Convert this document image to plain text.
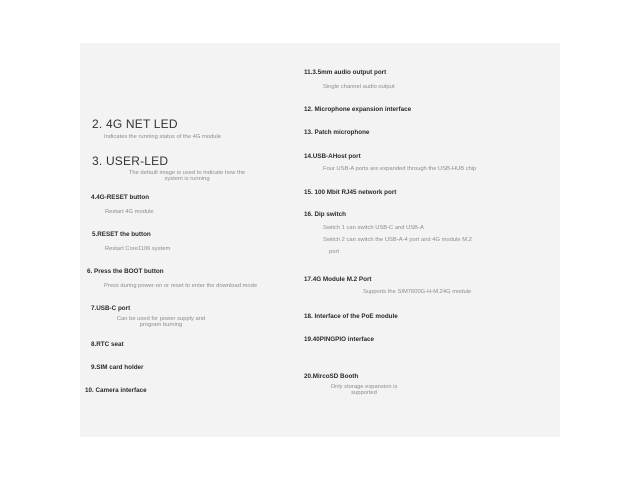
2. 4G NET LED
Indicates the running status of the 4G module
3. USER-LED
The default image is used to indicate how the
system is running
4.4G-RESET button
Restart 4G module
5.RESET the button
Restart Core1106 system
6. Press the BOOT button
Press during power-on or reset to enter the download mode
7.USB-C port
Can be used for power supply and
program burning
8.RTC seat
9.SIM card holder
10. Camera interface
11.3.5mm audio output port
Single channel audio output
12. Microphone expansion interface
13. Patch microphone
14.USB-AHost port
Four USB-A ports are expanded through the USB-HUB chip
15. 100 Mbit RJ45 network port
16. Dip switch
Switch 1 can switch USB-C and USB-A
Switch 2 can switch the USB-A-4 port and 4G module M.2
port
17.4G Module M.2 Port
Supports the SIM7600G-H-M.24G module
18. Interface of the PoE module
19.40PINGPIO interface
20.MircoSD Booth
Only storage expansion is
supported
